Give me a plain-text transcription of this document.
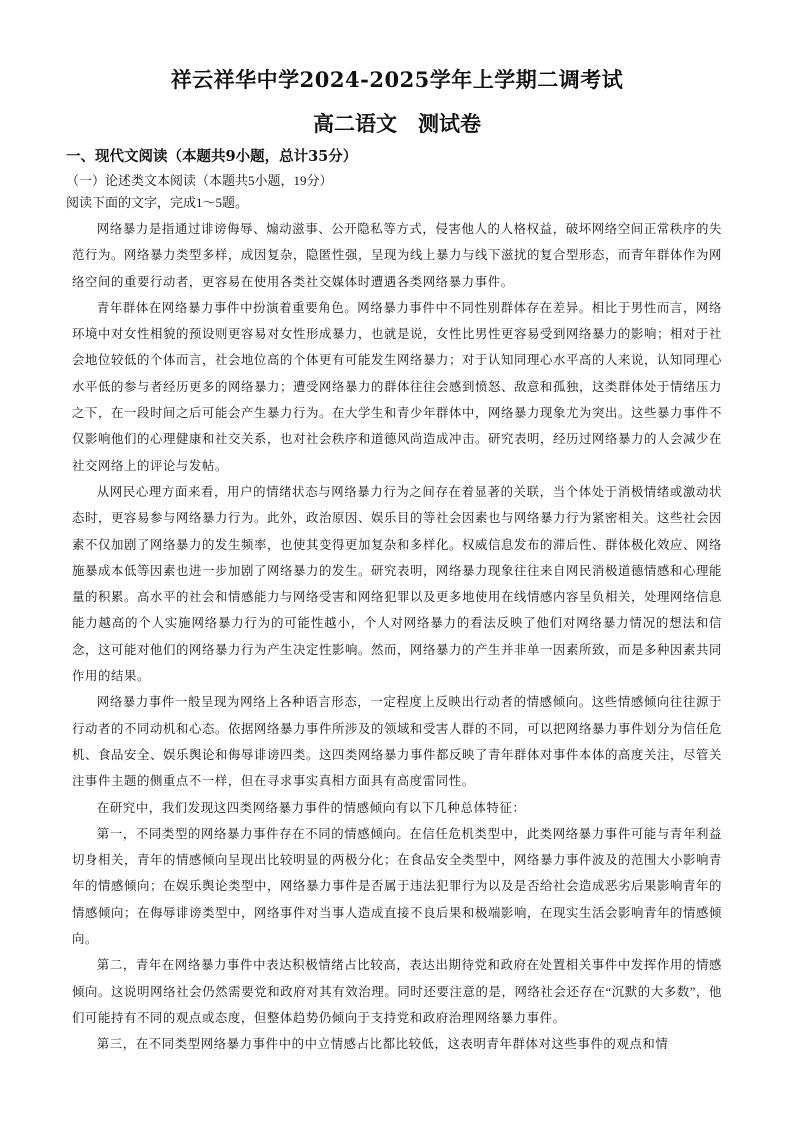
祥云祥华中学2024-2025学年上学期二调考试
高二语文　测试卷
一、现代文阅读（本题共9小题，总计35分）
（一）论述类文本阅读（本题共5小题，19分）
阅读下面的文字，完成1～5题。

网络暴力是指通过诽谤侮辱、煽动滋事、公开隐私等方式，侵害他人的人格权益，破坏网络空间正常秩序的失范行为。网络暴力类型多样，成因复杂，隐匿性强，呈现为线上暴力与线下滋扰的复合型形态，而青年群体作为网络空间的重要行动者，更容易在使用各类社交媒体时遭遇各类网络暴力事件。

青年群体在网络暴力事件中扮演着重要角色。网络暴力事件中不同性别群体存在差异。相比于男性而言，网络环境中对女性相貌的预设则更容易对女性形成暴力，也就是说，女性比男性更容易受到网络暴力的影响；相对于社会地位较低的个体而言，社会地位高的个体更有可能发生网络暴力；对于认知同理心水平高的人来说，认知同理心水平低的参与者经历更多的网络暴力；遭受网络暴力的群体往往会感到愤怒、敌意和孤独，这类群体处于情绪压力之下，在一段时间之后可能会产生暴力行为。在大学生和青少年群体中，网络暴力现象尤为突出。这些暴力事件不仅影响他们的心理健康和社交关系，也对社会秩序和道德风尚造成冲击。研究表明，经历过网络暴力的人会减少在社交网络上的评论与发帖。

从网民心理方面来看，用户的情绪状态与网络暴力行为之间存在着显著的关联，当个体处于消极情绪或激动状态时，更容易参与网络暴力行为。此外，政治原因、娱乐目的等社会因素也与网络暴力行为紧密相关。这些社会因素不仅加剧了网络暴力的发生频率，也使其变得更加复杂和多样化。权威信息发布的滞后性、群体极化效应、网络施暴成本低等因素也进一步加剧了网络暴力的发生。研究表明，网络暴力现象往往来自网民消极道德情感和心理能量的积累。高水平的社会和情感能力与网络受害和网络犯罪以及更多地使用在线情感内容呈负相关，处理网络信息能力越高的个人实施网络暴力行为的可能性越小，个人对网络暴力的看法反映了他们对网络暴力情况的想法和信念，这可能对他们的网络暴力行为产生决定性影响。然而，网络暴力的产生并非单一因素所致，而是多种因素共同作用的结果。

网络暴力事件一般呈现为网络上各种语言形态，一定程度上反映出行动者的情感倾向。这些情感倾向往往源于行动者的不同动机和心态。依据网络暴力事件所涉及的领域和受害人群的不同，可以把网络暴力事件划分为信任危机、食品安全、娱乐舆论和侮辱诽谤四类。这四类网络暴力事件都反映了青年群体对事件本体的高度关注，尽管关注事件主题的侧重点不一样，但在寻求事实真相方面具有高度雷同性。

在研究中，我们发现这四类网络暴力事件的情感倾向有以下几种总体特征：

第一，不同类型的网络暴力事件存在不同的情感倾向。在信任危机类型中，此类网络暴力事件可能与青年利益切身相关，青年的情感倾向呈现出比较明显的两极分化；在食品安全类型中，网络暴力事件波及的范围大小影响青年的情感倾向；在娱乐舆论类型中，网络暴力事件是否属于违法犯罪行为以及是否给社会造成恶劣后果影响青年的情感倾向；在侮辱诽谤类型中，网络事件对当事人造成直接不良后果和极端影响，在现实生活会影响青年的情感倾向。

第二，青年在网络暴力事件中表达积极情绪占比较高，表达出期待党和政府在处置相关事件中发挥作用的情感倾向。这说明网络社会仍然需要党和政府对其有效治理。同时还要注意的是，网络社会还存在“沉默的大多数”，他们可能持有不同的观点或态度，但整体趋势仍倾向于支持党和政府治理网络暴力事件。

第三，在不同类型网络暴力事件中的中立情感占比都比较低，这表明青年群体对这些事件的观点和情
